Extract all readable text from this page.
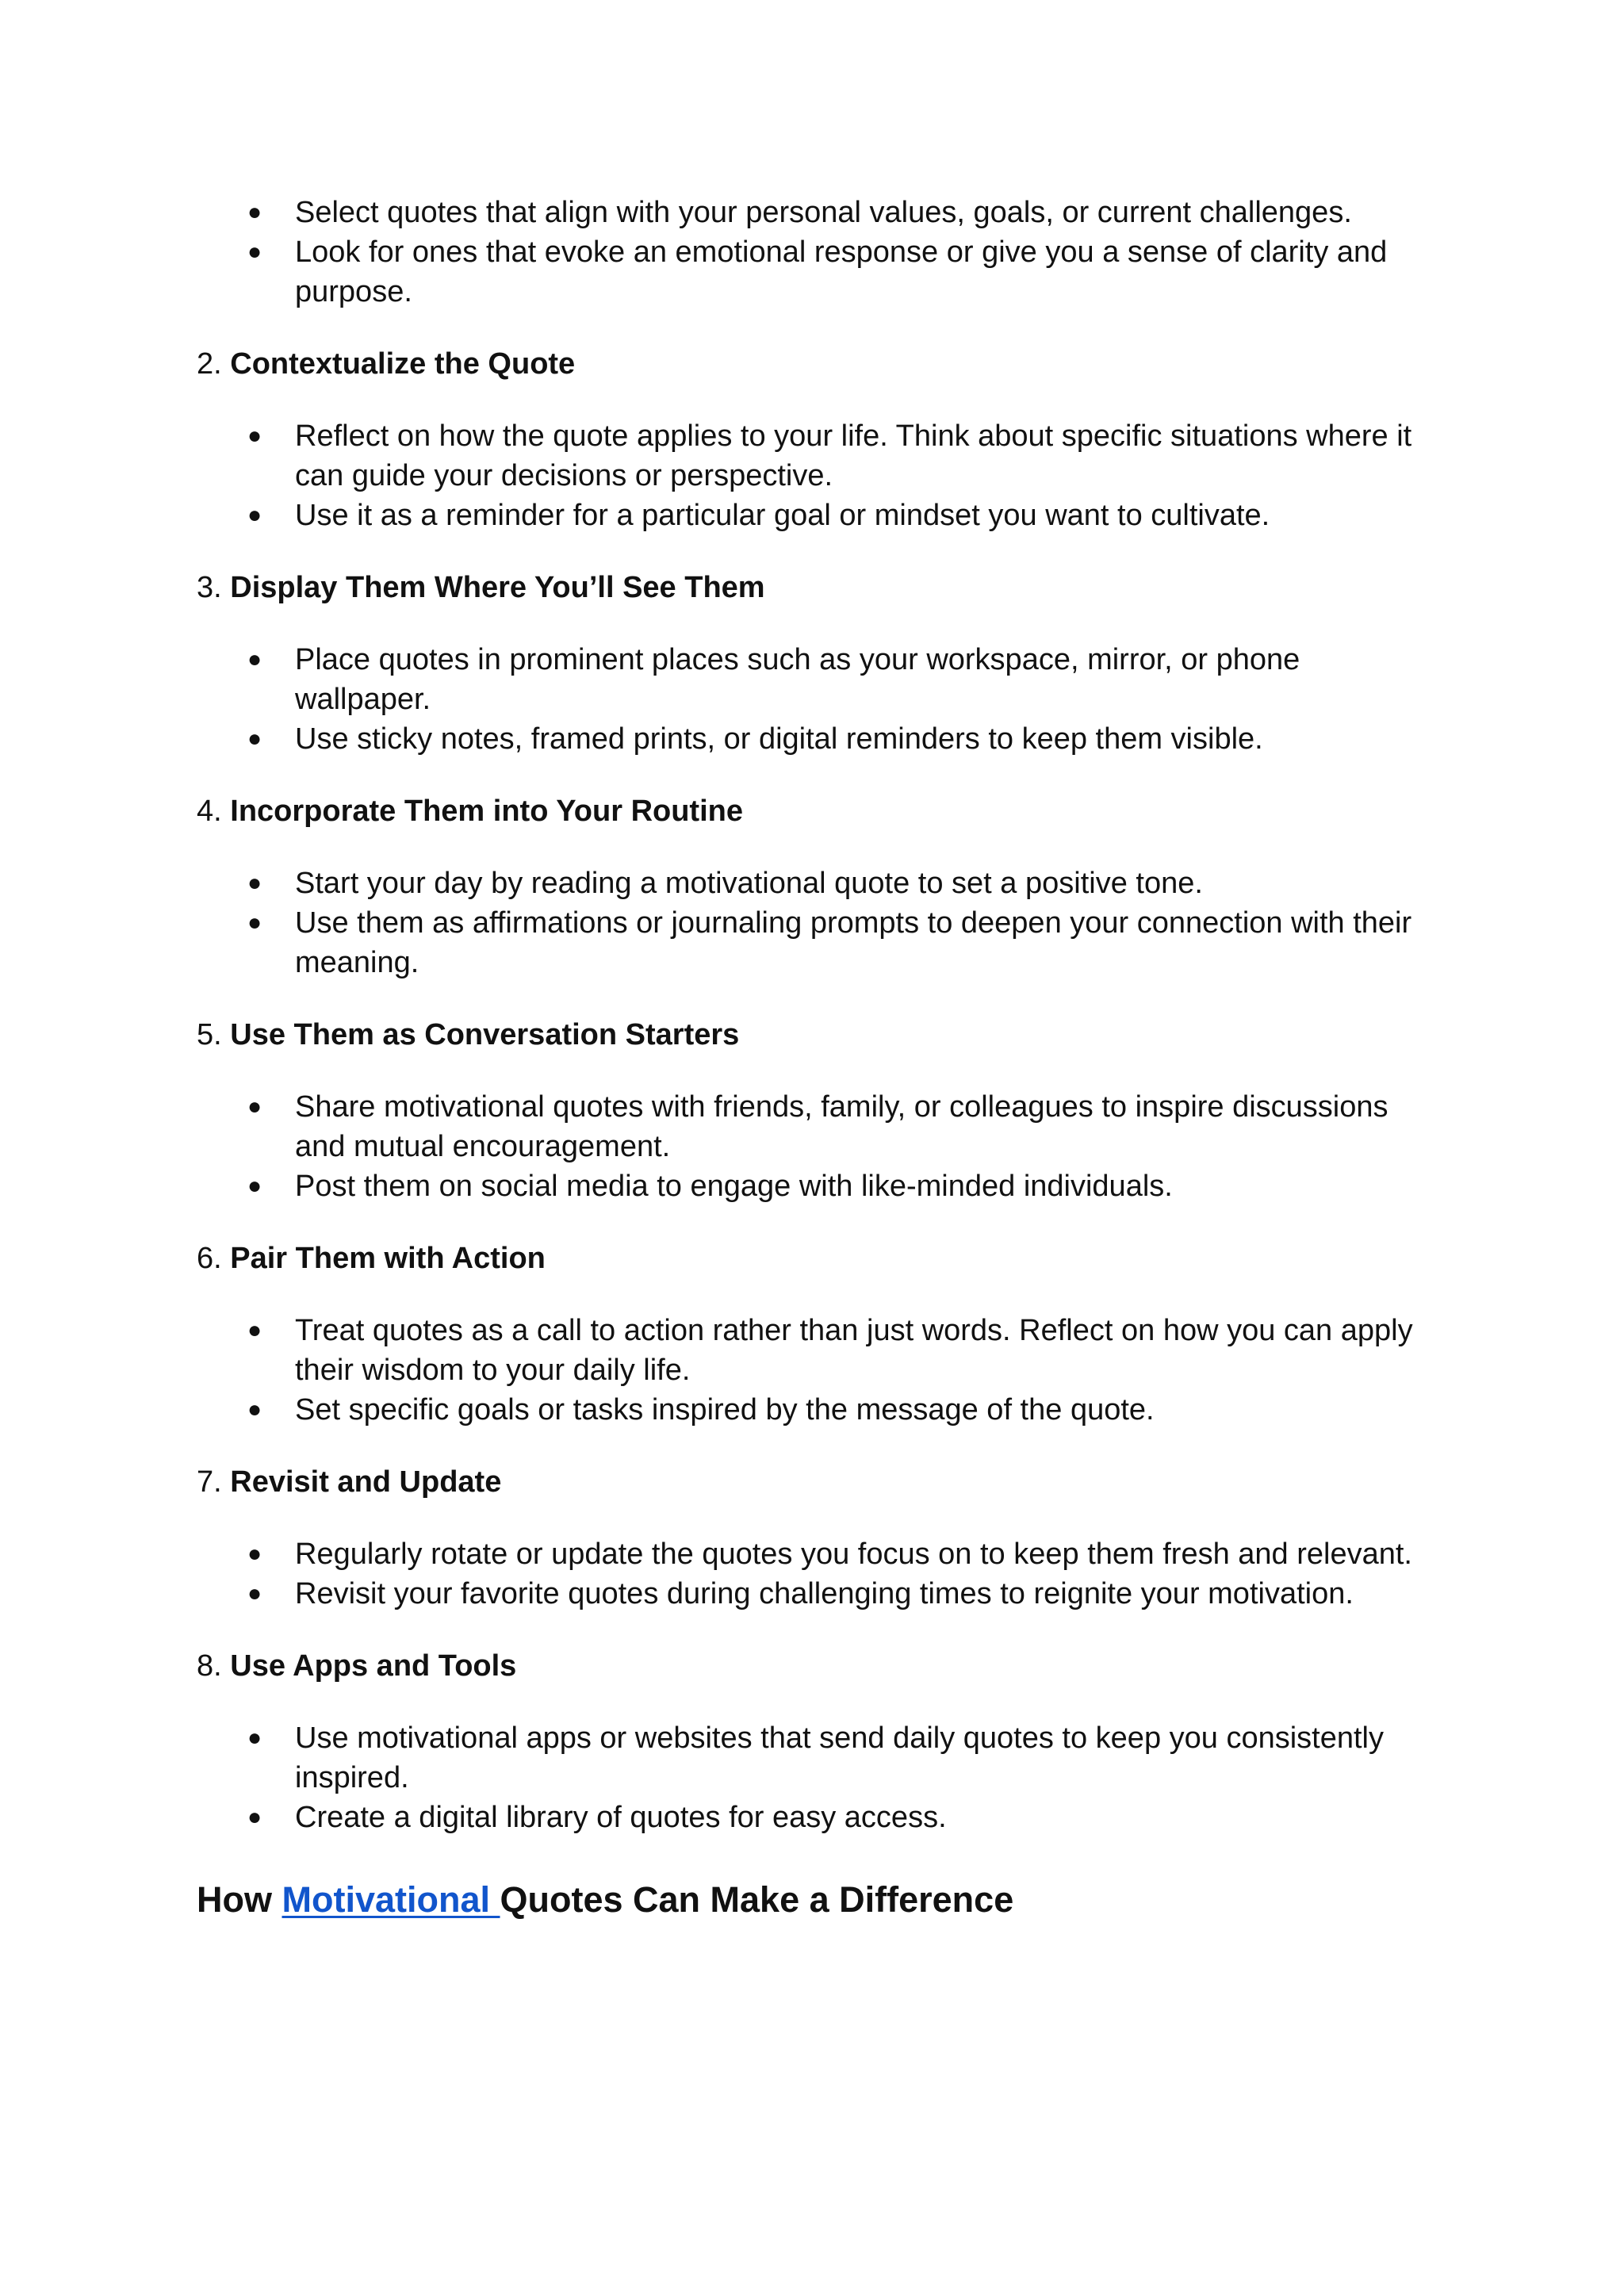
● Select quotes that align with your personal values, goals, or current challenges.
● Look for ones that evoke an emotional response or give you a sense of clarity and purpose.

2. Contextualize the Quote

● Reflect on how the quote applies to your life. Think about specific situations where it can guide your decisions or perspective.
● Use it as a reminder for a particular goal or mindset you want to cultivate.

3. Display Them Where You’ll See Them

● Place quotes in prominent places such as your workspace, mirror, or phone wallpaper.
● Use sticky notes, framed prints, or digital reminders to keep them visible.

4. Incorporate Them into Your Routine

● Start your day by reading a motivational quote to set a positive tone.
● Use them as affirmations or journaling prompts to deepen your connection with their meaning.

5. Use Them as Conversation Starters

● Share motivational quotes with friends, family, or colleagues to inspire discussions and mutual encouragement.
● Post them on social media to engage with like-minded individuals.

6. Pair Them with Action

● Treat quotes as a call to action rather than just words. Reflect on how you can apply their wisdom to your daily life.
● Set specific goals or tasks inspired by the message of the quote.

7. Revisit and Update

● Regularly rotate or update the quotes you focus on to keep them fresh and relevant.
● Revisit your favorite quotes during challenging times to reignite your motivation.

8. Use Apps and Tools

● Use motivational apps or websites that send daily quotes to keep you consistently inspired.
● Create a digital library of quotes for easy access.
How Motivational Quotes Can Make a Difference
